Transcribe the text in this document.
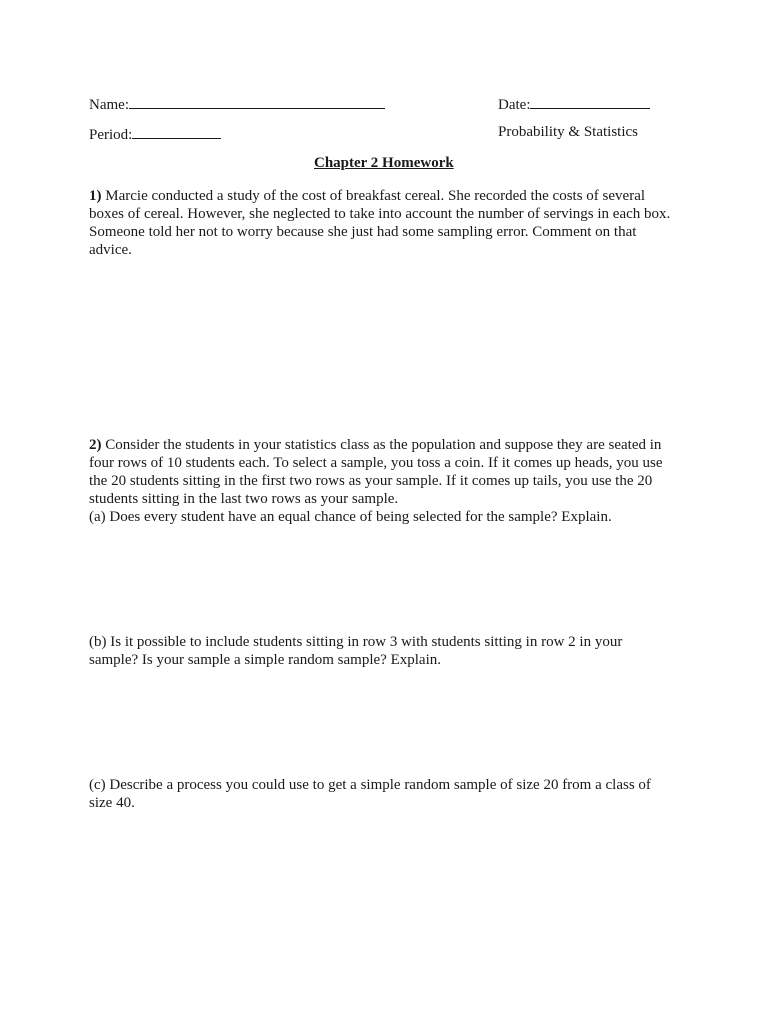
Name:	Date:
Period:	Probability & Statistics
Chapter 2 Homework
1) Marcie conducted a study of the cost of breakfast cereal. She recorded the costs of several
boxes of cereal. However, she neglected to take into account the number of servings in each box.
Someone told her not to worry because she just had some sampling error. Comment on that
advice.
2) Consider the students in your statistics class as the population and suppose they are seated in
four rows of 10 students each. To select a sample, you toss a coin. If it comes up heads, you use
the 20 students sitting in the first two rows as your sample. If it comes up tails, you use the 20
students sitting in the last two rows as your sample.
(a) Does every student have an equal chance of being selected for the sample? Explain.
(b) Is it possible to include students sitting in row 3 with students sitting in row 2 in your
sample? Is your sample a simple random sample? Explain.
(c) Describe a process you could use to get a simple random sample of size 20 from a class of
size 40.
